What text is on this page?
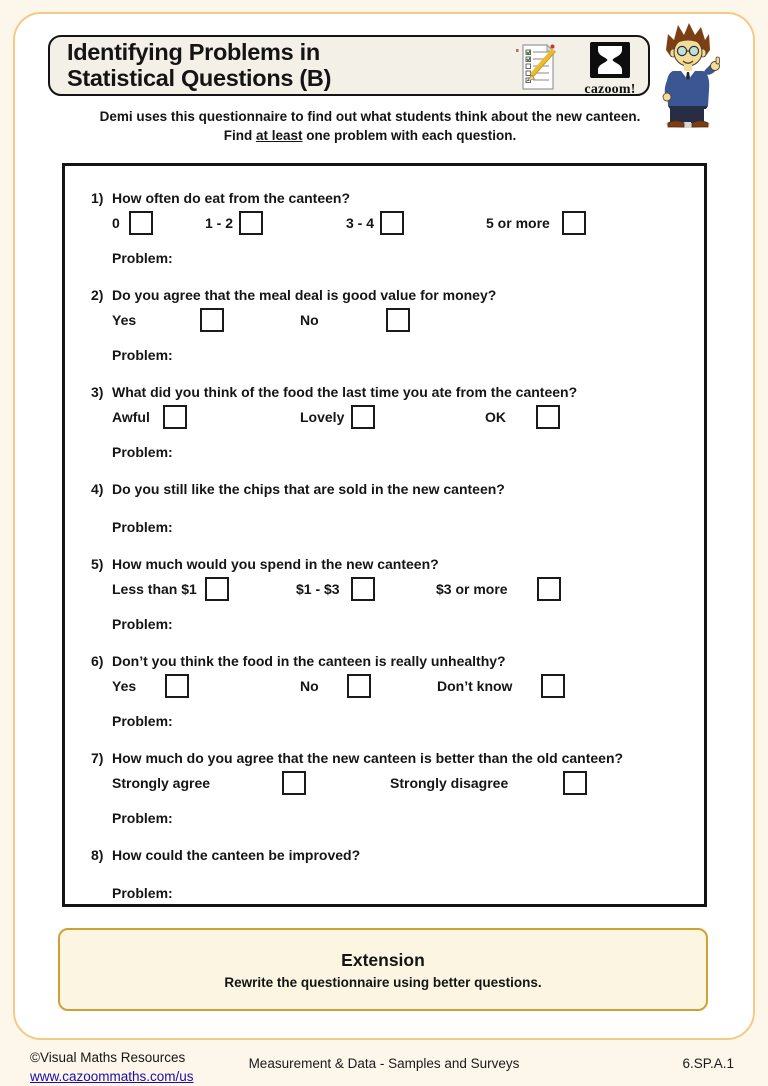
Identifying Problems in
Statistical Questions (B)	cazoom!
Demi uses this questionnaire to find out what students think about the new canteen.
Find at least one problem with each question.
1) How often do eat from the canteen?
0	1 - 2	3 - 4	5 or more
Problem:
2) Do you agree that the meal deal is good value for money?
Yes	No
Problem:
3) What did you think of the food the last time you ate from the canteen?
Awful	Lovely	OK
Problem:
4) Do you still like the chips that are sold in the new canteen?
Problem:
5) How much would you spend in the new canteen?
Less than $1	$1 - $3	$3 or more
Problem:
6) Don’t you think the food in the canteen is really unhealthy?
Yes	No	Don’t know
Problem:
7) How much do you agree that the new canteen is better than the old canteen?
Strongly agree	Strongly disagree
Problem:
8) How could the canteen be improved?
Problem:
Extension
Rewrite the questionnaire using better questions.
©Visual Maths Resources
www.cazoommaths.com/us
Measurement & Data - Samples and Surveys	6.SP.A.1
